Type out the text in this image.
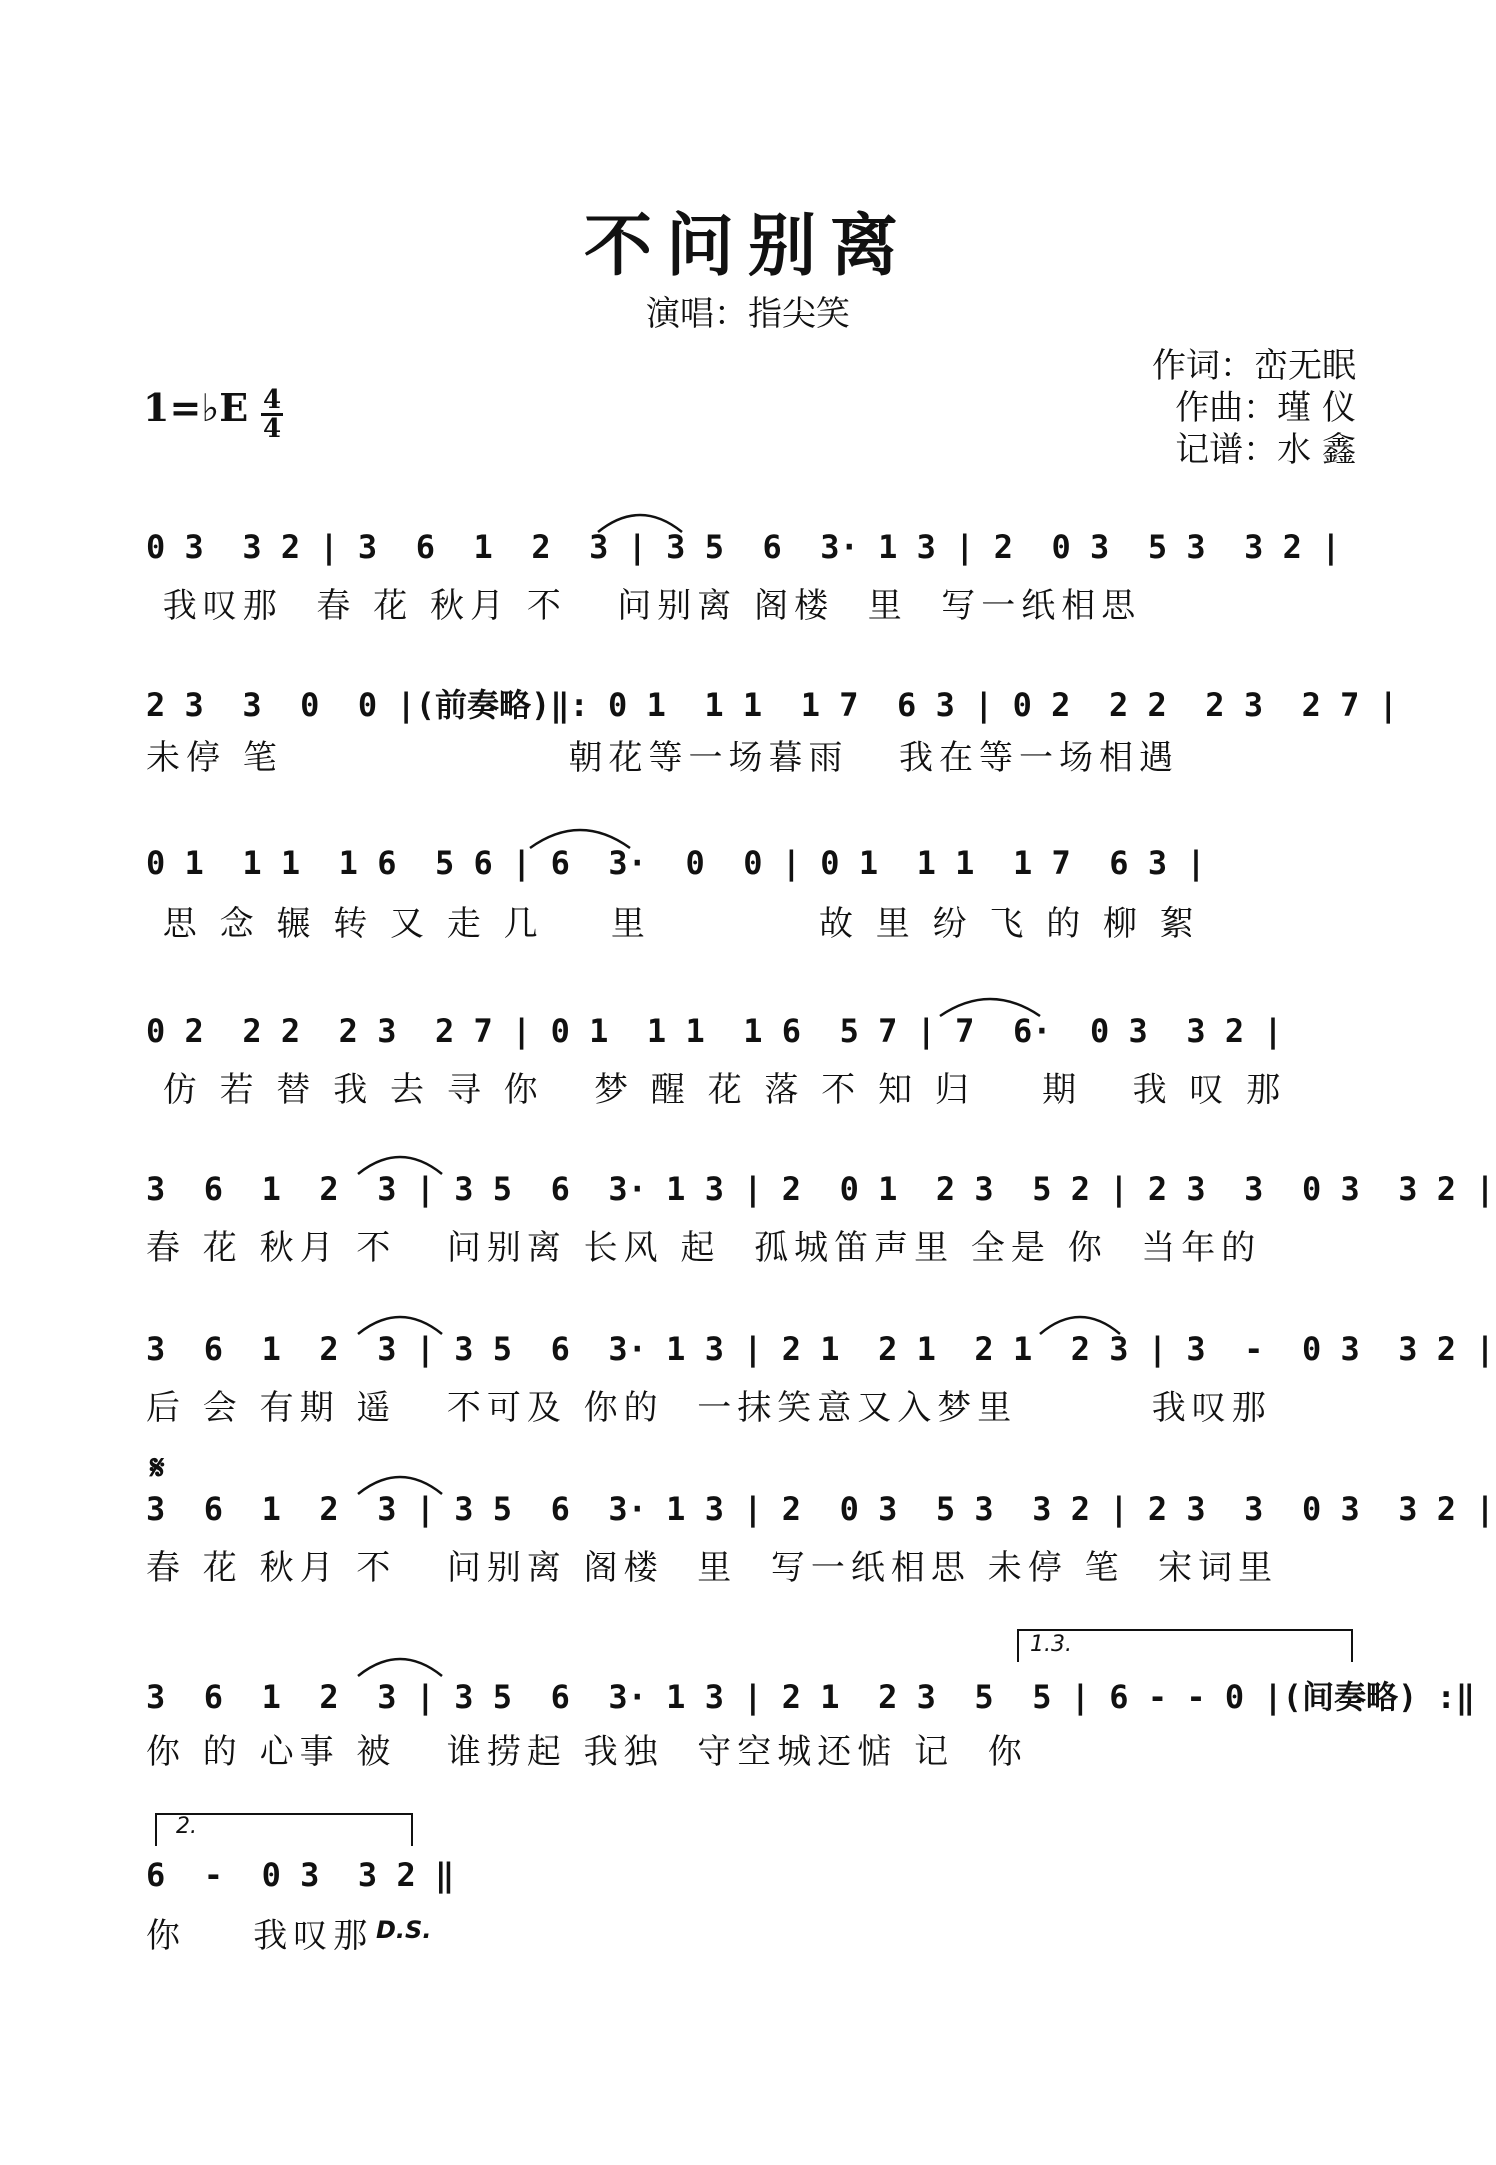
不问别离
演唱：指尖笑
作词：峦无眠
作曲：瑾 仪
记谱：水 鑫
1=♭E 4
4
0 3  3 2 | 3  6  1  2  3 | 3 5  6  3· 1 3 | 2  0 3  5 3  3 2 |
我叹那  春 花 秋月 不   问别离 阁楼  里  写一纸相思
2 3  3  0  0 |(前奏略)‖: 0 1  1 1  1 7  6 3 | 0 2  2 2  2 3  2 7 |
未停 笔                 朝花等一场暮雨   我在等一场相遇
0 1  1 1  1 6  5 6 | 6  3·  0  0 | 0 1  1 1  1 7  6 3 |
思 念 辗 转 又 走 几    里          故 里 纷 飞 的 柳 絮
0 2  2 2  2 3  2 7 | 0 1  1 1  1 6  5 7 | 7  6·  0 3  3 2 |
仿 若 替 我 去 寻 你   梦 醒 花 落 不 知 归    期   我 叹 那
3  6  1  2  3 | 3 5  6  3· 1 3 | 2  0 1  2 3  5 2 | 2 3  3  0 3  3 2 |
春 花 秋月 不   问别离 长风 起  孤城笛声里 全是 你  当年的
3  6  1  2  3 | 3 5  6  3· 1 3 | 2 1  2 1  2 1  2 3 | 3  -  0 3  3 2 |
后 会 有期 遥   不可及 你的  一抹笑意又入梦里        我叹那
𝄋
3  6  1  2  3 | 3 5  6  3· 1 3 | 2  0 3  5 3  3 2 | 2 3  3  0 3  3 2 |
春 花 秋月 不   问别离 阁楼  里  写一纸相思 未停 笔  宋词里
1.3.
3  6  1  2  3 | 3 5  6  3· 1 3 | 2 1  2 3  5  5 | 6 - - 0 |(间奏略) :‖
你 的 心事 被   谁捞起 我独  守空城还惦 记  你
2.
6  -  0 3  3 2 ‖
你    我叹那 D.S.
